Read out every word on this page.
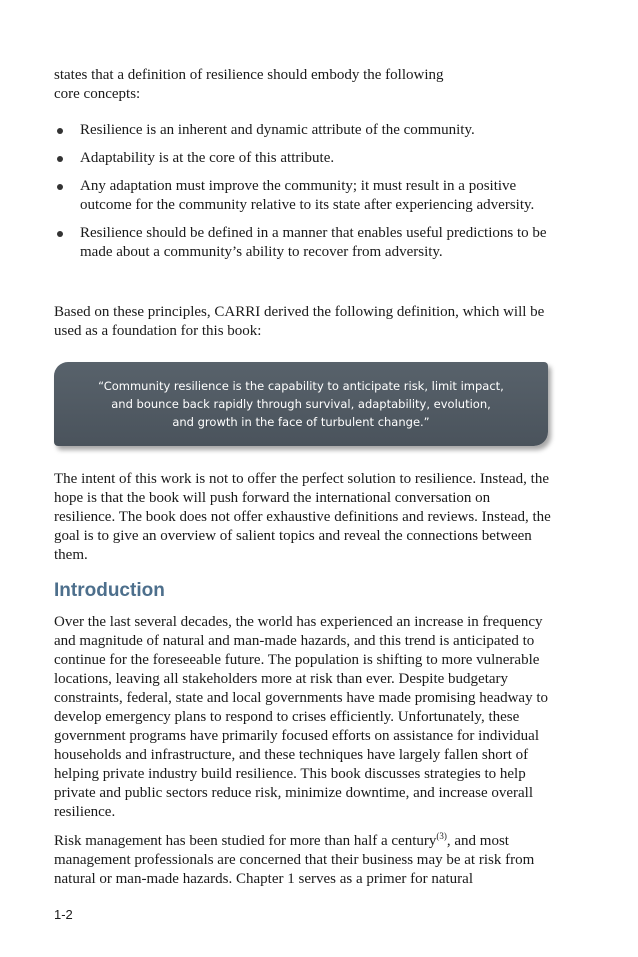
states that a definition of resilience should embody the following
core concepts:

Resilience is an inherent and dynamic attribute of the community.
Adaptability is at the core of this attribute.
Any adaptation must improve the community; it must result in a positive outcome for the community relative to its state after experiencing adversity.
Resilience should be defined in a manner that enables useful predictions to be made about a community’s ability to recover from adversity.

Based on these principles, CARRI derived the following definition, which will be used as a foundation for this book:

“Community resilience is the capability to anticipate risk, limit impact,
and bounce back rapidly through survival, adaptability, evolution,
and growth in the face of turbulent change.”

The intent of this work is not to offer the perfect solution to resilience. Instead, the hope is that the book will push forward the international conversation on resilience. The book does not offer exhaustive definitions and reviews. Instead, the goal is to give an overview of salient topics and reveal the connections between them.

Introduction

Over the last several decades, the world has experienced an increase in frequency and magnitude of natural and man-made hazards, and this trend is anticipated to continue for the foreseeable future. The population is shifting to more vulnerable locations, leaving all stakeholders more at risk than ever. Despite budgetary constraints, federal, state and local governments have made promising headway to develop emergency plans to respond to crises efficiently. Unfortunately, these government programs have primarily focused efforts on assistance for individual households and infrastructure, and these techniques have largely fallen short of helping private industry build resilience. This book discusses strategies to help private and public sectors reduce risk, minimize downtime, and increase overall resilience.

Risk management has been studied for more than half a century$^{(3)}$, and most management professionals are concerned that their business may be at risk from natural or man-made hazards. Chapter 1 serves as a primer for natural

1-2
